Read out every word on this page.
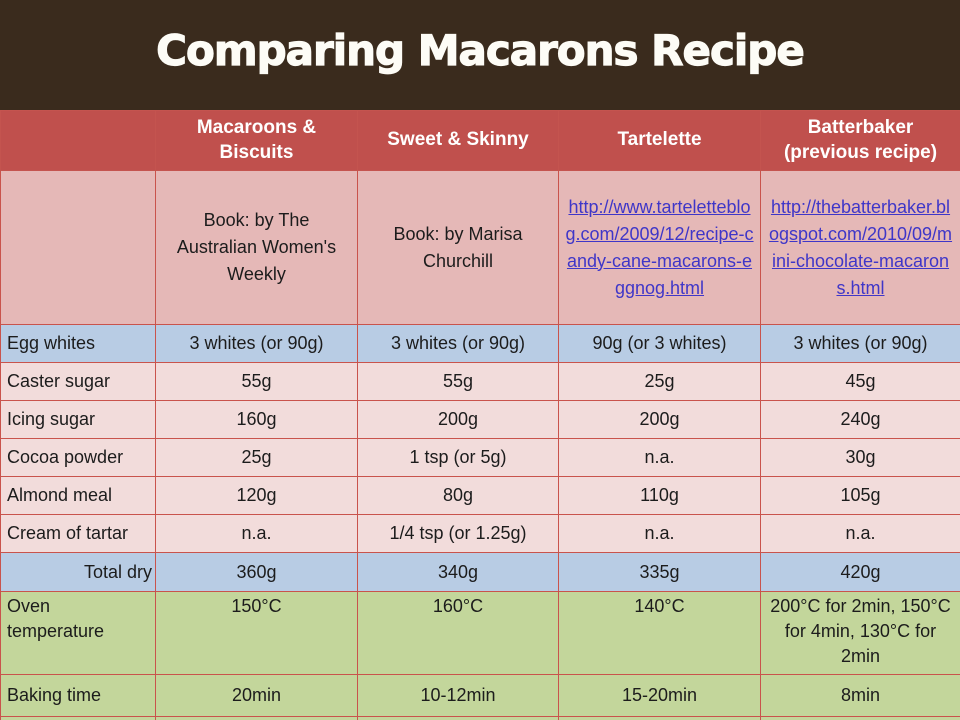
Comparing Macarons Recipe
	Macaroons & Biscuits	Sweet & Skinny	Tartelette	Batterbaker (previous recipe)
	Book: by The Australian Women's Weekly	Book: by Marisa Churchill	http://www.tarteletteblog.com/2009/12/recipe-candy-cane-macarons-eggnog.html	http://thebatterbaker.blogspot.com/2010/09/mini-chocolate-macarons.html
Egg whites	3 whites (or 90g)	3 whites (or 90g)	90g (or 3 whites)	3 whites (or 90g)
Caster sugar	55g	55g	25g	45g
Icing sugar	160g	200g	200g	240g
Cocoa powder	25g	1 tsp (or 5g)	n.a.	30g
Almond meal	120g	80g	110g	105g
Cream of tartar	n.a.	1/4 tsp (or 1.25g)	n.a.	n.a.
Total dry	360g	340g	335g	420g
Oven temperature	150°C	160°C	140°C	200°C for 2min, 150°C for 4min, 130°C for 2min
Baking time	20min	10-12min	15-20min	8min
